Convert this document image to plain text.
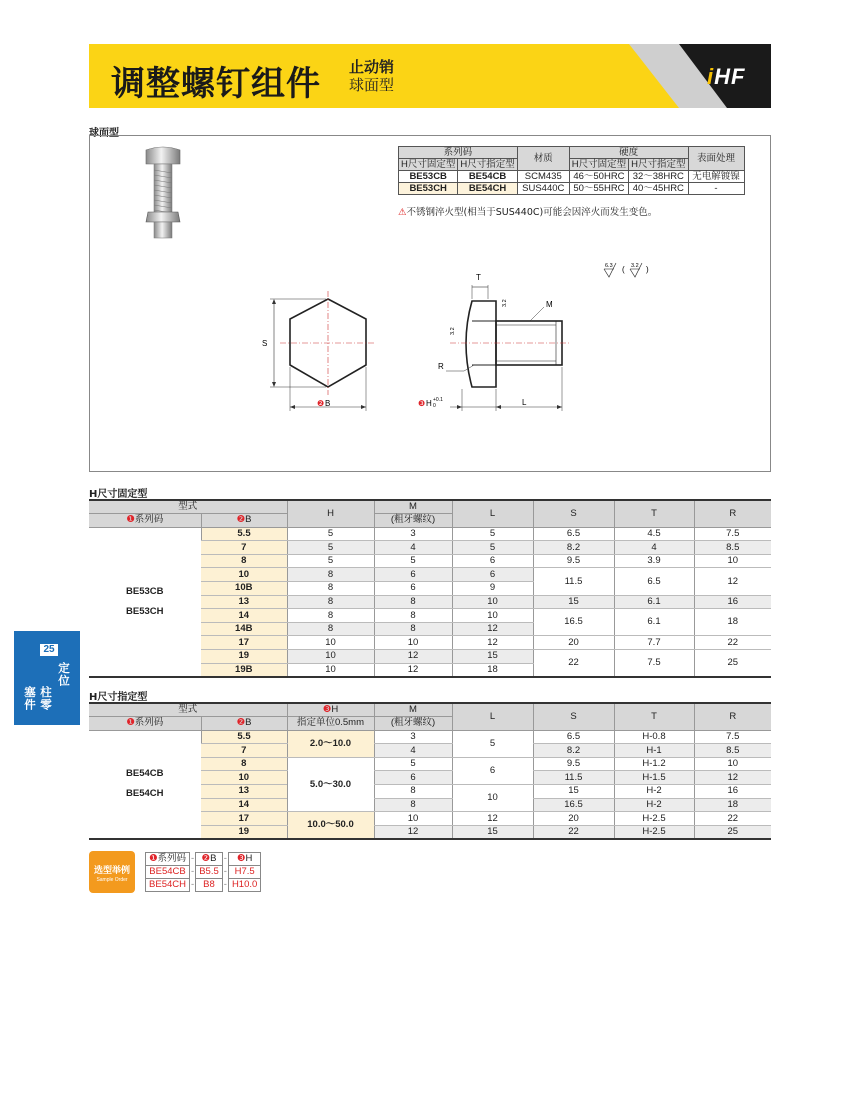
调整螺钉组件 止动销
球面型	iHF
球面型
系列码		材质	硬度		表面处理
H尺寸固定型	H尺寸指定型		H尺寸固定型	H尺寸指定型	
BE53CB	BE54CB	SCM435	46～50HRC	32～38HRC	无电解镀镍
BE53CH	BE54CH	SUS440C	50～55HRC	40～45HRC	-
⚠不锈钢淬火型(相当于SUS440C)可能会因淬火而发生变色。
6.3 ( 3.2 )
S
❷ B
T
3.2
3.2
M
R
❸ H +0.1
0	L
H尺寸固定型
型式		H	M	L	S	T	R
❶系列码	❷B		(粗牙螺纹)				

BE53CB
BE53CH	5.5	5	3	5	6.5	4.5	7.5
	7	5	4	5	8.2	4	8.5
	8	5	5	6	9.5	3.9	10
	10	8	6	6	11.5	6.5	12
	10B	8	6	9			
	13	8	8	10	15	6.1	16
	14	8	8	10	16.5	6.1	18
	14B	8	8	12			
	17	10	10	12	20	7.7	22
	19	10	12	15	22	7.5	25
	19B	10	12	18			
25
定位
柱零
塞件	H尺寸指定型
型式		❸H	M	L	S	T	R
❶系列码	❷B	指定单位0.5mm	(粗牙螺纹)				

BE54CB
BE54CH	5.5	2.0～10.0	3	5	6.5	H-0.8	7.5
	7		4		8.2	H-1	8.5
	8	5.0～30.0	5	6	9.5	H-1.2	10
	10		6		11.5	H-1.5	12
	13		8	10	15	H-2	16
	14		8		16.5	H-2	18
	17	10.0～50.0	10	12	20	H-2.5	22
	19		12	15	22	H-2.5	25
选型举例
Sample Order
❶系列码	-	❷B	-	❸H
BE54CB	-	B5.5	-	H7.5
BE54CH	-	B8	-	H10.0
